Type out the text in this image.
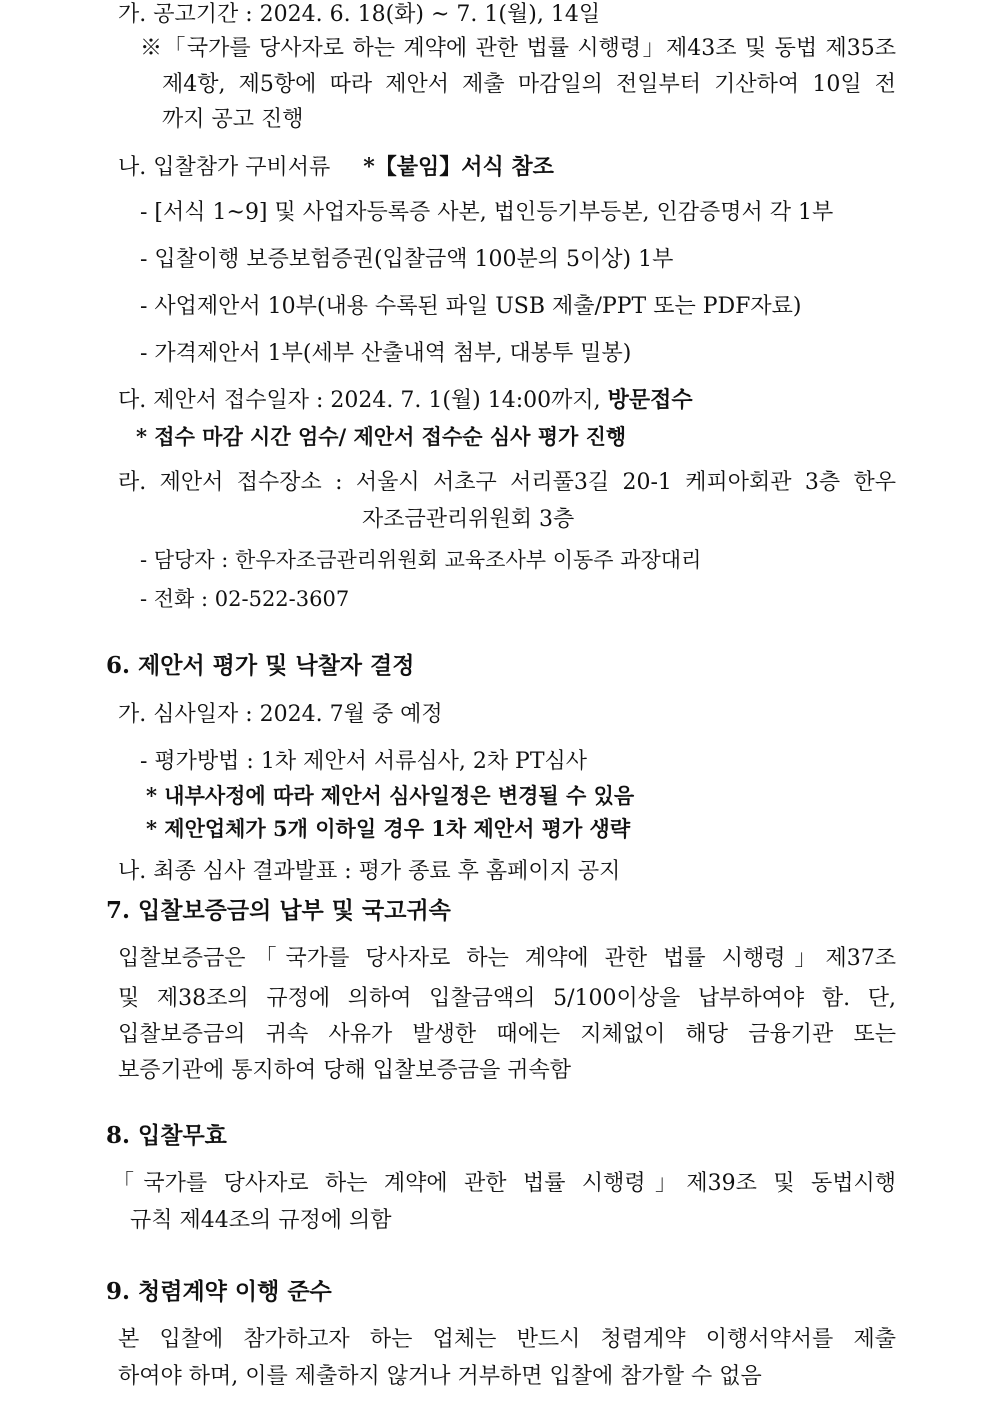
가. 공고기간 : 2024. 6. 18(화) ~ 7. 1(월), 14일
※「국가를 당사자로 하는 계약에 관한 법률 시행령」제43조 및 동법 제35조
제4항, 제5항에 따라 제안서 제출 마감일의 전일부터 기산하여 10일 전
까지 공고 진행
나. 입찰참가 구비서류 *【붙임】서식 참조
- [서식 1~9] 및 사업자등록증 사본, 법인등기부등본, 인감증명서 각 1부
- 입찰이행 보증보험증권(입찰금액 100분의 5이상) 1부
- 사업제안서 10부(내용 수록된 파일 USB 제출/PPT 또는 PDF자료)
- 가격제안서 1부(세부 산출내역 첨부, 대봉투 밀봉)
다. 제안서 접수일자 : 2024. 7. 1(월) 14:00까지, 방문접수
* 접수 마감 시간 엄수/ 제안서 접수순 심사 평가 진행
라. 제안서 접수장소 : 서울시 서초구 서리풀3길 20-1 케피아회관 3층 한우
자조금관리위원회 3층
- 담당자 : 한우자조금관리위원회 교육조사부 이동주 과장대리
- 전화 : 02-522-3607
6. 제안서 평가 및 낙찰자 결정
가. 심사일자 : 2024. 7월 중 예정
- 평가방법 : 1차 제안서 서류심사, 2차 PT심사
* 내부사정에 따라 제안서 심사일정은 변경될 수 있음
* 제안업체가 5개 이하일 경우 1차 제안서 평가 생략
나. 최종 심사 결과발표 : 평가 종료 후 홈페이지 공지
7. 입찰보증금의 납부 및 국고귀속
입찰보증금은「국가를 당사자로 하는 계약에 관한 법률 시행령」제37조
및 제38조의 규정에 의하여 입찰금액의 5/100이상을 납부하여야 함. 단,
입찰보증금의 귀속 사유가 발생한 때에는 지체없이 해당 금융기관 또는
보증기관에 통지하여 당해 입찰보증금을 귀속함
8. 입찰무효
「국가를 당사자로 하는 계약에 관한 법률 시행령」제39조 및 동법시행
규칙 제44조의 규정에 의함
9. 청렴계약 이행 준수
본 입찰에 참가하고자 하는 업체는 반드시 청렴계약 이행서약서를 제출
하여야 하며, 이를 제출하지 않거나 거부하면 입찰에 참가할 수 없음
